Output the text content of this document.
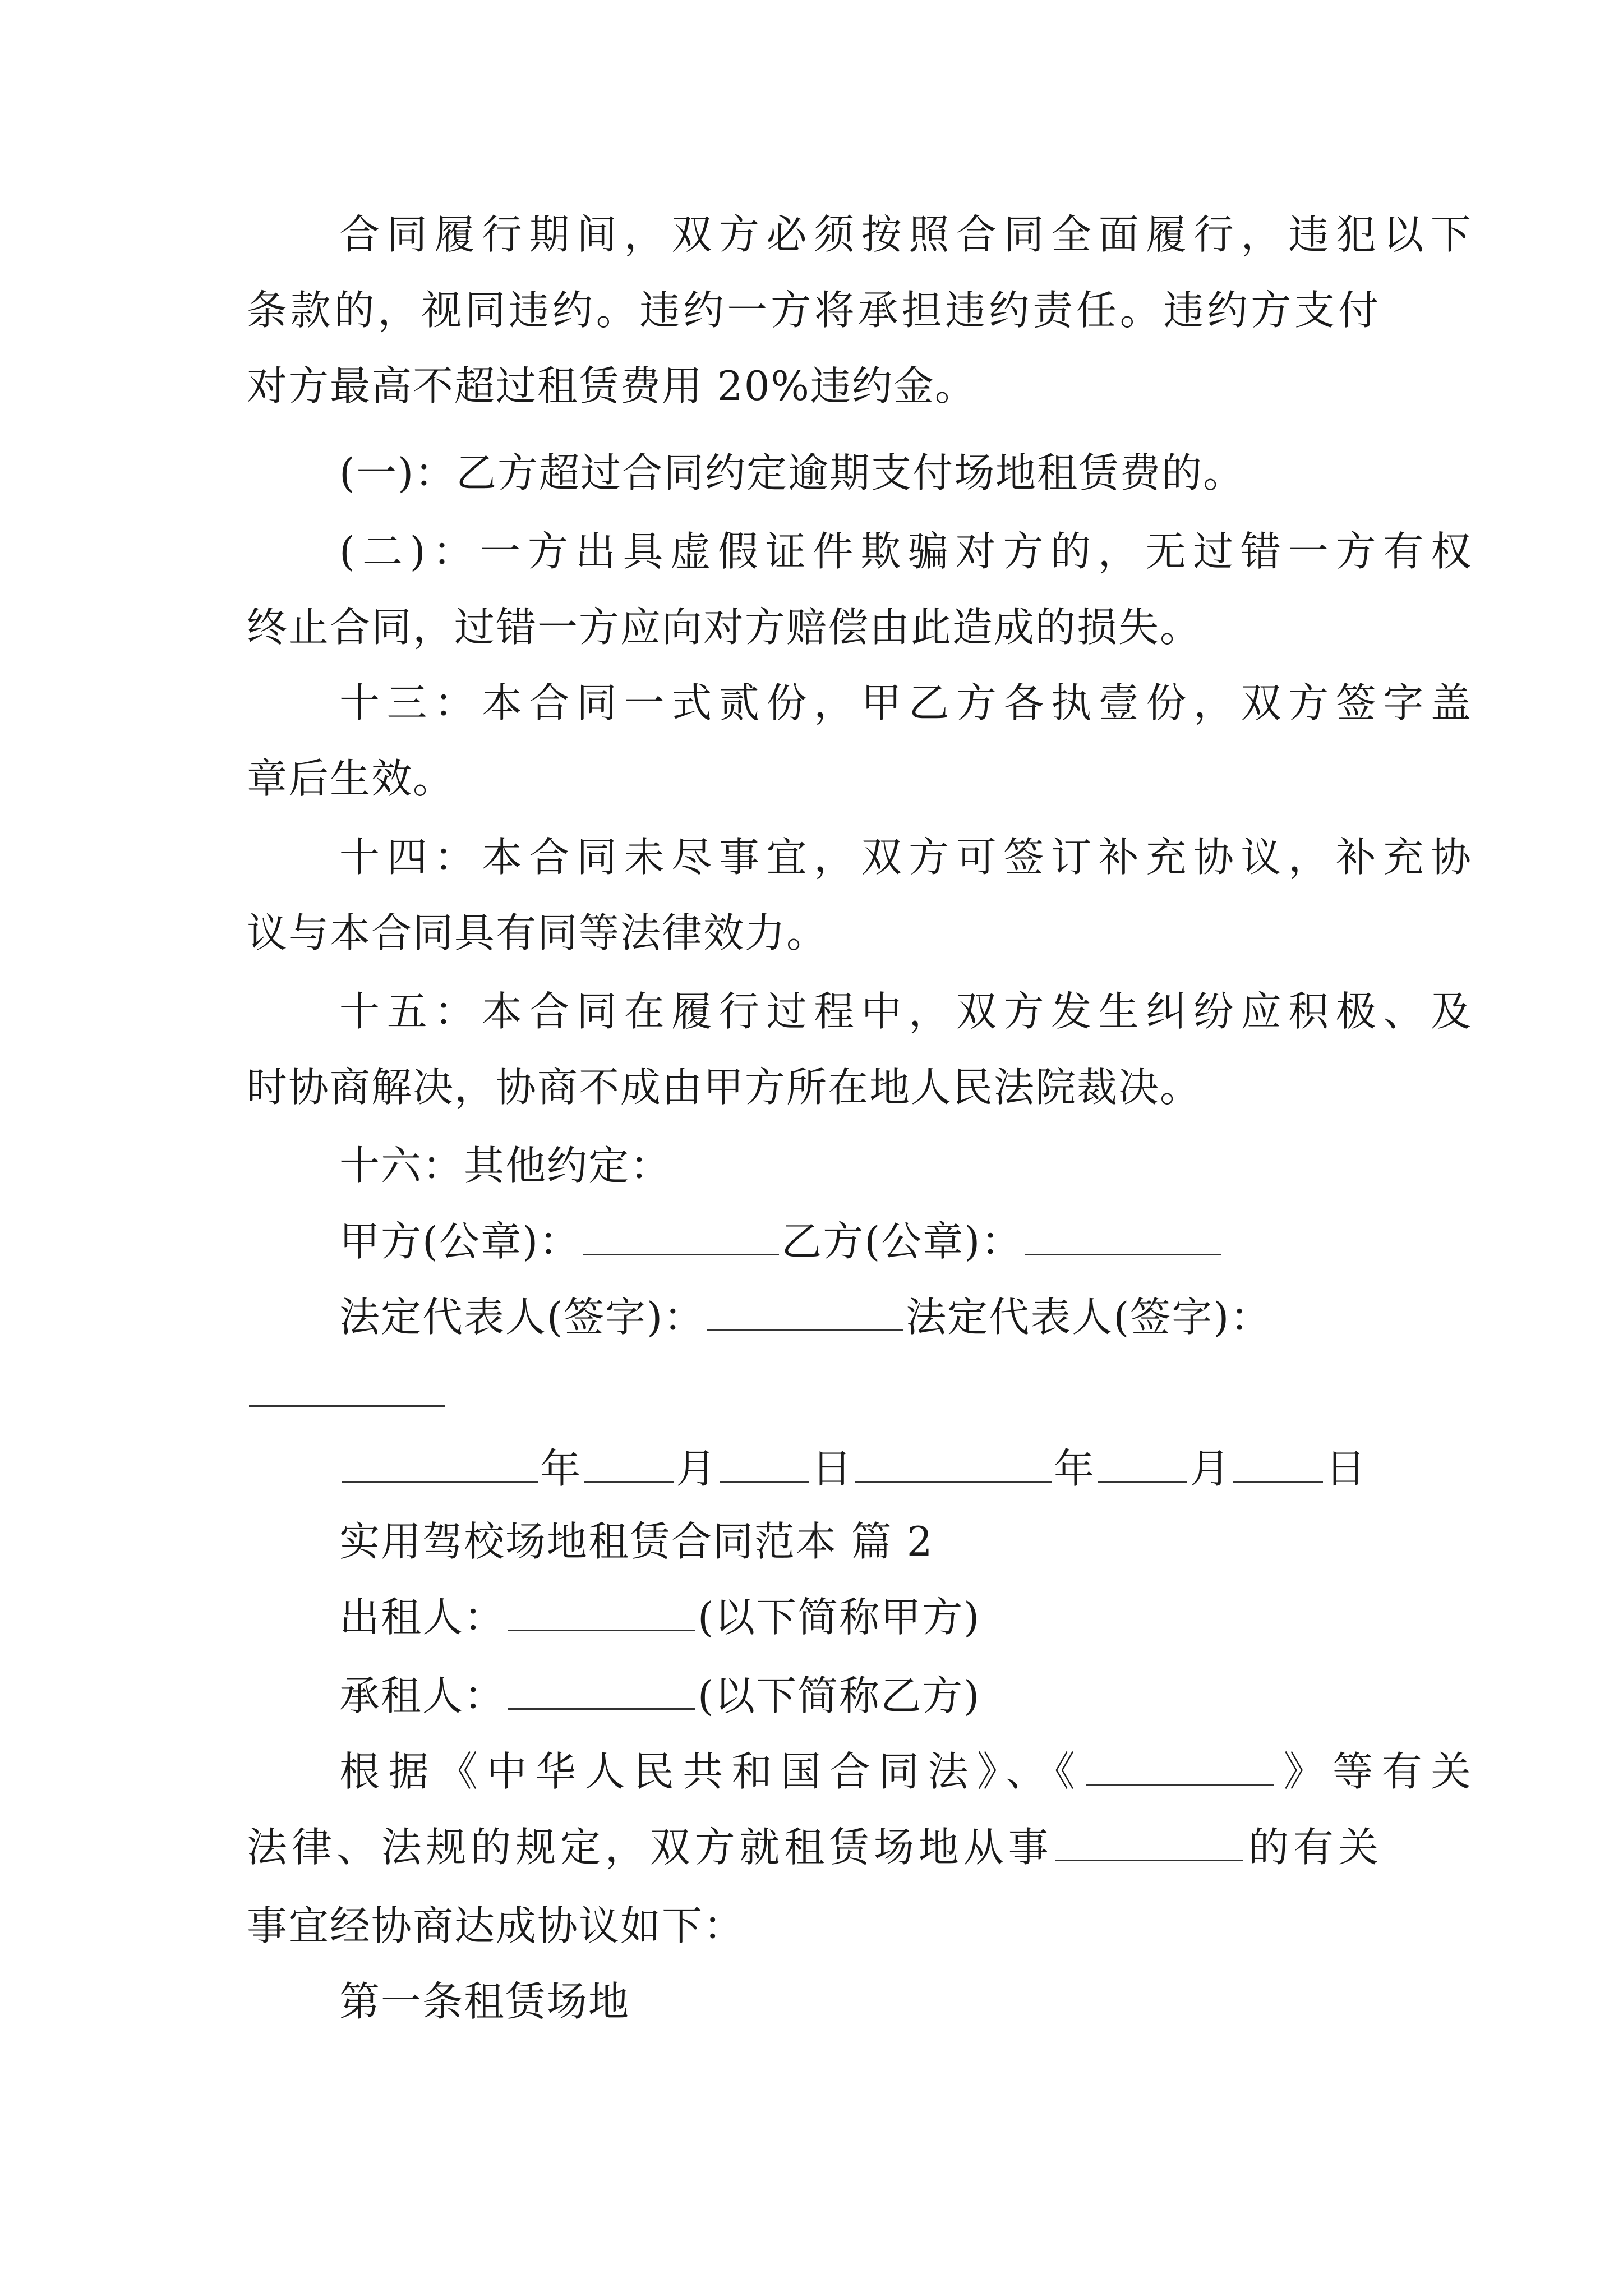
合同履行期间，双方必须按照合同全面履行，违犯以下
条款的，视同违约。违约一方将承担违约责任。违约方支付
对方最高不超过租赁费用 20%违约金。
(一)：乙方超过合同约定逾期支付场地租赁费的。
(二)：一方出具虚假证件欺骗对方的，无过错一方有权
终止合同，过错一方应向对方赔偿由此造成的损失。
十三：本合同一式贰份，甲乙方各执壹份，双方签字盖
章后生效。
十四：本合同未尽事宜，双方可签订补充协议，补充协
议与本合同具有同等法律效力。
十五：本合同在履行过程中，双方发生纠纷应积极、及
时协商解决，协商不成由甲方所在地人民法院裁决。
十六：其他约定：
甲方(公章)：	乙方(公章)：
法定代表人(签字)：	法定代表人(签字)：
年 月 日	年 月 日
实用驾校场地租赁合同范本 篇 2
出租人：	(以下简称甲方)
承租人：	(以下简称乙方)
根据《中华人民共和国合同法》、《	》等有关
法律、法规的规定，双方就租赁场地从事	的有关
事宜经协商达成协议如下：
第一条租赁场地
